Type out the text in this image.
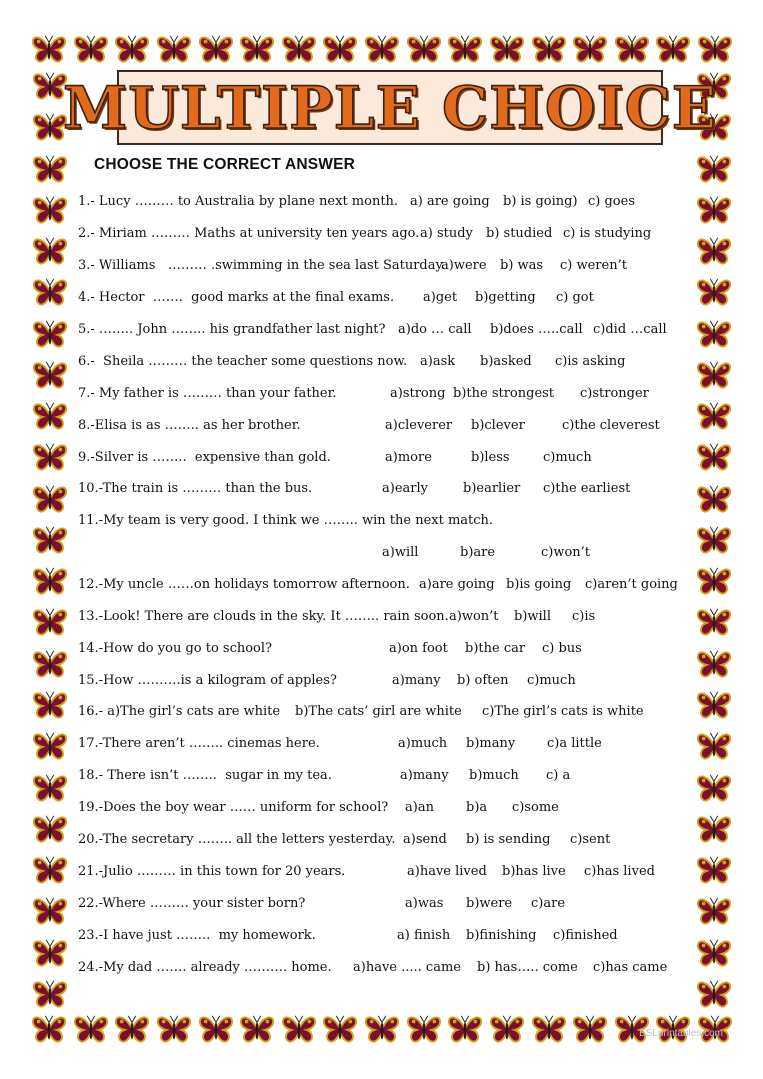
MULTIPLE CHOICE
CHOOSE THE CORRECT ANSWER
1.- Lucy ……… to Australia by plane next month. a) are going b) is going) c) goes
2.- Miriam ……… Maths at university ten years ago. a) study b) studied c) is studying
3.- Williams   ……… .swimming in the sea last Saturday.
a)were b) was c) weren’t
4.- Hector  …….  good marks at the final exams. a)get b)getting c) got
5.- …….. John …….. his grandfather last night? a)do … call b)does …..call c)did …call
6.-  Sheila ……… the teacher some questions now. a)ask b)asked c)is asking
7.- My father is ……… than your father.	a)strong b)the strongest c)stronger
8.-Elisa is as …….. as her brother.	a)cleverer b)clever	c)the cleverest
9.-Silver is ……..  expensive than gold.	a)more	b)less	c)much
10.-The train is ……… than the bus.	a)early	b)earlier c)the earliest
11.-My team is very good. I think we …….. win the next match.
a)will	b)are	c)won’t
12.-My uncle ……on holidays tomorrow afternoon. a)are going b)is going c)aren’t going
13.-Look! There are clouds in the sky. It …….. rain soon. a)won’t b)will c)is
14.-How do you go to school?	a)on foot b)the car c) bus
15.-How ……….is a kilogram of apples?	a)many b) often c)much
16.- a)The girl’s cats are white b)The cats’ girl are white c)The girl’s cats is white
17.-There aren’t …….. cinemas here.	a)much b)many c)a little
18.- There isn’t ……..  sugar in my tea.	a)many b)much c) a
19.-Does the boy wear …… uniform for school? a)an b)a c)some
20.-The secretary …….. all the letters yesterday. a)send b) is sending c)sent
21.-Julio ……… in this town for 20 years.	a)have lived b)has live c)has lived
22.-Where ……… your sister born?	a)was b)were c)are
23.-I have just ……..  my homework.	a) finish b)finishing c)finished
24.-My dad ……. already ………. home. a)have ..... came b) has….. come c)has came
ESLprintables.com
